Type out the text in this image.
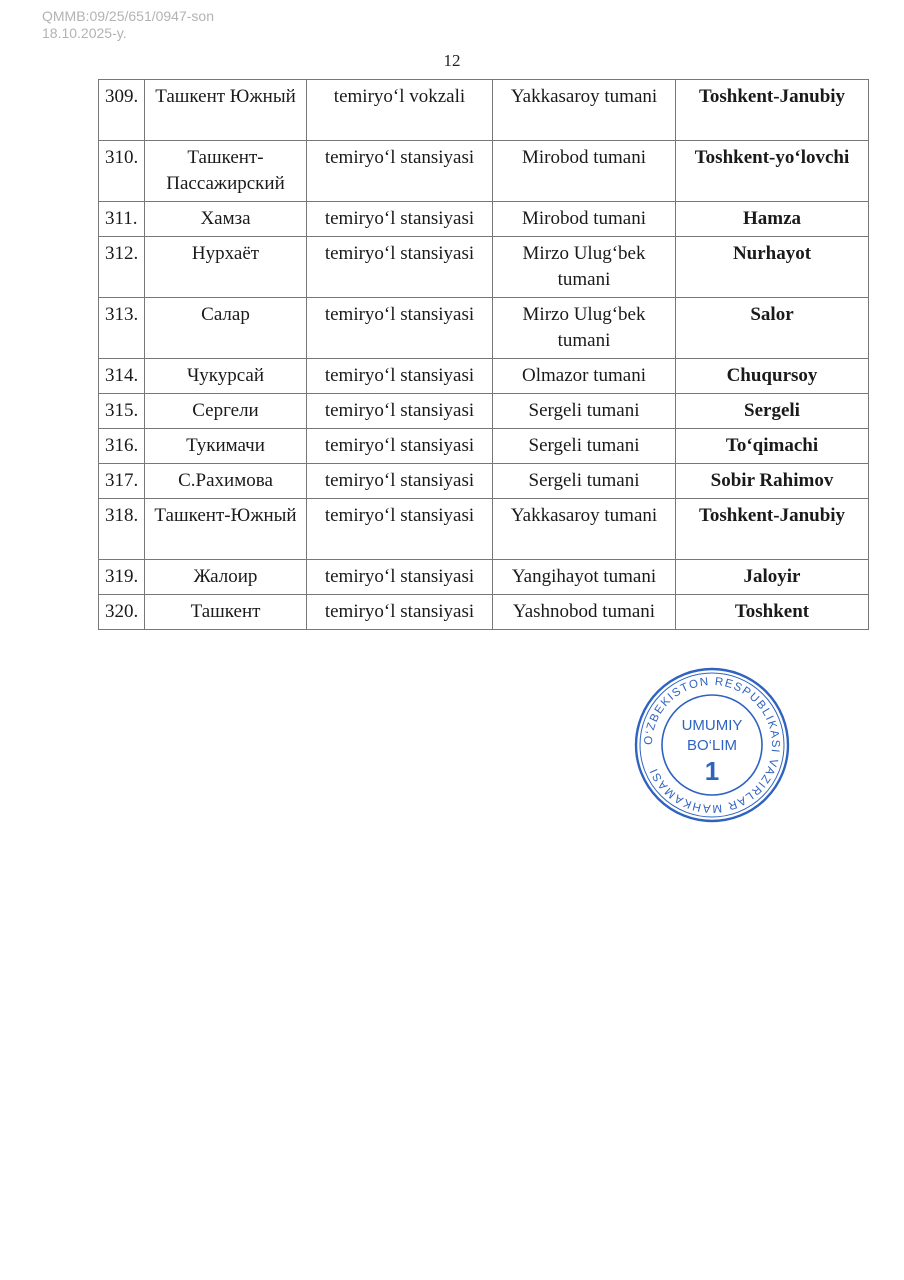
QMMB:09/25/651/0947-son
18.10.2025-y.
12
309.	Ташкент Южный	temiryo‘l vokzali	Yakkasaroy tumani	Toshkent-Janubiy
310.	Ташкент-Пассажирский	temiryo‘l stansiyasi	Mirobod tumani	Toshkent-yo‘lovchi
311.	Хамза	temiryo‘l stansiyasi	Mirobod tumani	Hamza
312.	Нурхаёт	temiryo‘l stansiyasi	Mirzo Ulug‘bek tumani	Nurhayot
313.	Салар	temiryo‘l stansiyasi	Mirzo Ulug‘bek tumani	Salor
314.	Чукурсай	temiryo‘l stansiyasi	Olmazor tumani	Chuqursoy
315.	Сергели	temiryo‘l stansiyasi	Sergeli tumani	Sergeli
316.	Тукимачи	temiryo‘l stansiyasi	Sergeli tumani	To‘qimachi
317.	С.Рахимова	temiryo‘l stansiyasi	Sergeli tumani	Sobir Rahimov
318.	Ташкент-Южный	temiryo‘l stansiyasi	Yakkasaroy tumani	Toshkent-Janubiy
319.	Жалоир	temiryo‘l stansiyasi	Yangihayot tumani	Jaloyir
320.	Ташкент	temiryo‘l stansiyasi	Yashnobod tumani	Toshkent
O‘ZBEKISTON RESPUBLIKASI VAZIRLAR MAHKAMASI
UMUMIY
BO‘LIM
1
